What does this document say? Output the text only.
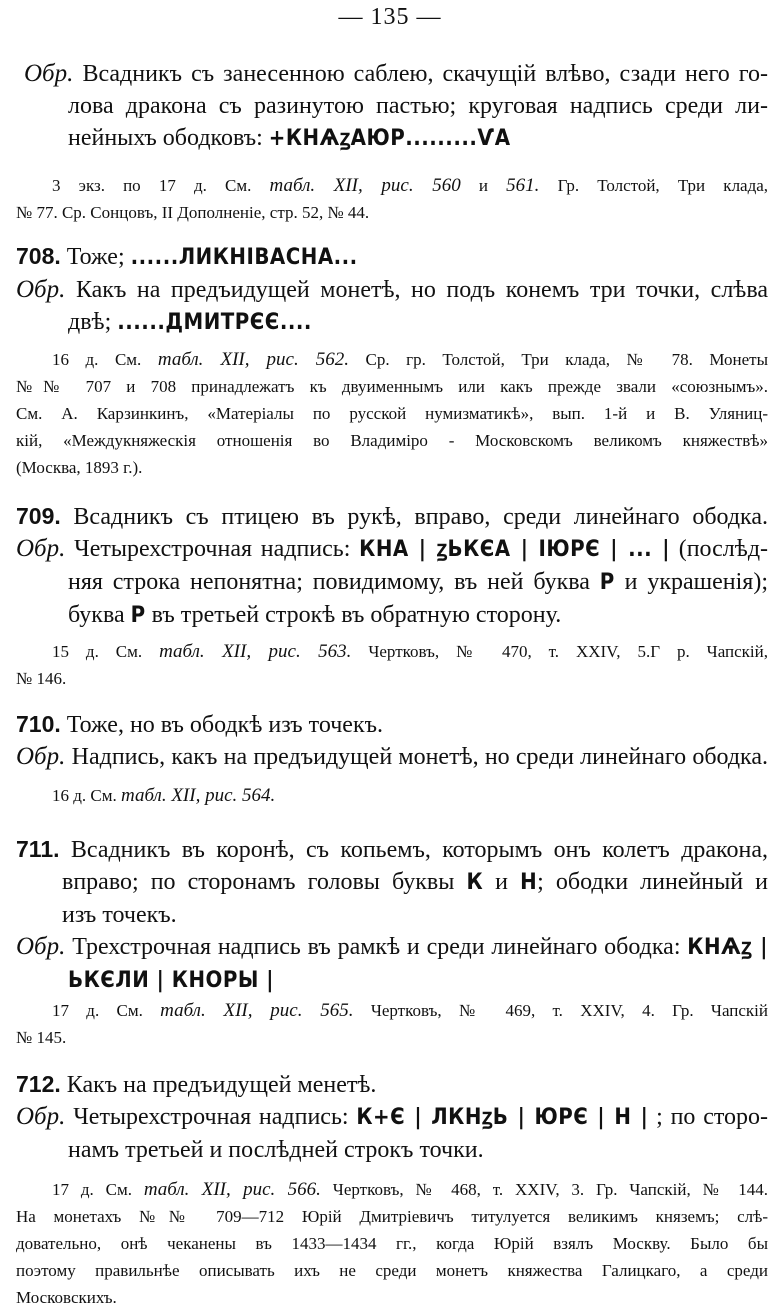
— 135 —
Обр. Всадникъ съ занесенною саблею, скачущій влѣво, сзади него го-
лова дракона съ разинутою пастью; круговая надпись среди ли-
нейныхъ ободковъ: +КНѦꙁАЮР.........ѴА
3 экз. по 17 д. См. табл. XII, рис. 560 и 561. Гр. Толстой, Три клада,
№ 77. Ср. Сонцовъ, II Дополненіе, стр. 52, № 44.
708. Тоже; ......ЛИКНІВАСНА...
Обр. Какъ на предъидущей монетѣ, но подъ конемъ три точки, слѣва
двѣ; ......ДМИТРЄЄ....
16 д. См. табл. XII, рис. 562. Ср. гр. Толстой, Три клада, № 78. Монеты
№№ 707 и 708 принадлежатъ къ двуименнымъ или какъ прежде звали «союзнымъ».
См. А. Карзинкинъ, «Матеріалы по русской нумизматикѣ», вып. 1-й и В. Уляниц-
кій, «Междукняжескія отношенія во Владиміро - Московскомъ великомъ княжествѣ»
(Москва, 1893 г.).
709. Всадникъ съ птицею въ рукѣ, вправо, среди линейнаго ободка.
Обр. Четырехстрочная надпись: КНА | ꙁЬКЄА | ІЮРЄ | ... | (послѣд-
няя строка непонятна; повидимому, въ ней буква Р и украшенія);
буква Р въ третьей строкѣ въ обратную сторону.
15 д. См. табл. XII, рис. 563. Чертковъ, № 470, т. XXIV, 5.Г р. Чапскій,
№ 146.
710. Тоже, но въ ободкѣ изъ точекъ.
Обр. Надпись, какъ на предъидущей монетѣ, но среди линейнаго ободка.
16 д. См. табл. XII, рис. 564.
711. Всадникъ въ коронѣ, съ копьемъ, которымъ онъ колетъ дракона,
вправо; по сторонамъ головы буквы К и Н; ободки линейный и
изъ точекъ.
Обр. Трехстрочная надпись въ рамкѣ и среди линейнаго ободка: КНѦꙁ |
ЬКЄЛИ | КНОРЫ |
17 д. См. табл. XII, рис. 565. Чертковъ, № 469, т. XXIV, 4. Гр. Чапскій
№ 145.
712. Какъ на предъидущей менетѣ.
Обр. Четырехстрочная надпись: К+Є | ЛКНꙁЬ | ЮРЄ | Н | ; по сторо-
намъ третьей и послѣдней строкъ точки.
17 д. См. табл. XII, рис. 566. Чертковъ, № 468, т. XXIV, 3. Гр. Чапскій, № 144.
На монетахъ №№ 709—712 Юрій Дмитріевичъ титулуется великимъ княземъ; слѣ-
довательно, онѣ чеканены въ 1433—1434 гг., когда Юрій взялъ Москву. Было бы
поэтому правильнѣе описывать ихъ не среди монетъ княжества Галицкаго, а среди
Московскихъ.
